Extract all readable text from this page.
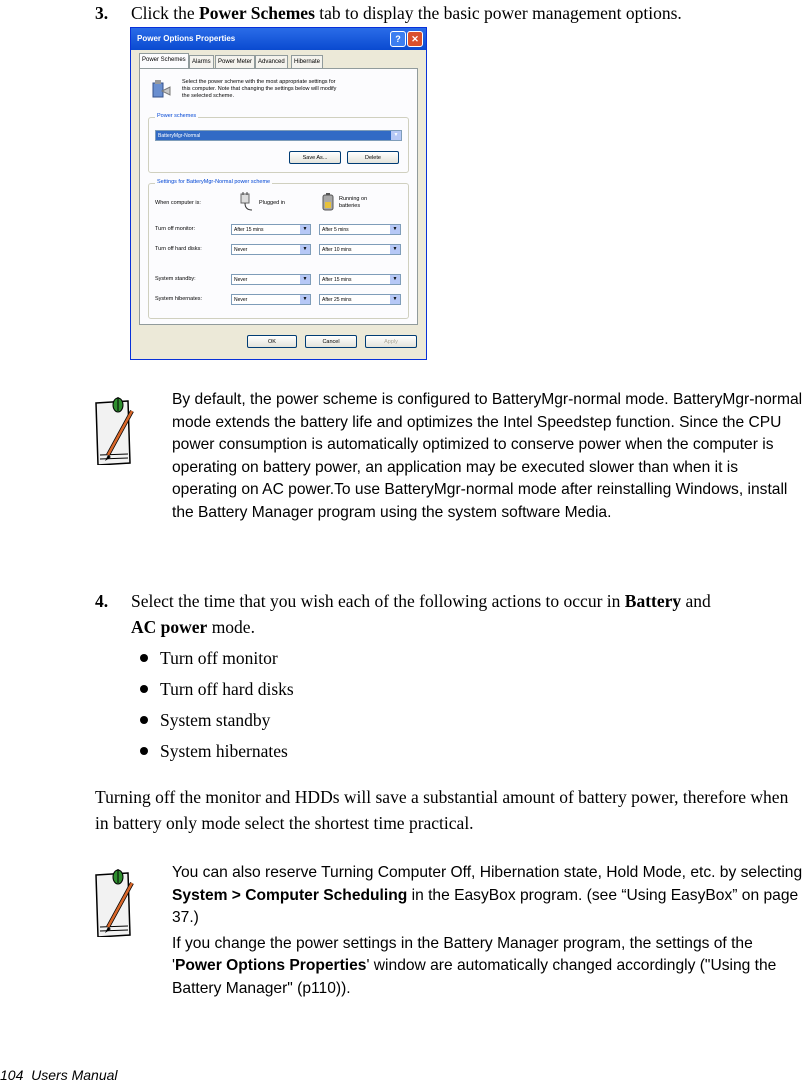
3. Click the Power Schemes tab to display the basic power management options.
Power Options Properties	?	✕
Power Schemes	Alarms	Power Meter Advanced	Hibernate
Select the power scheme with the most appropriate settings for
this computer. Note that changing the settings below will modify
the selected scheme.
Power schemes
BatteryMgr-Normal	▼
Save As...	Delete
Settings for BatteryMgr-Normal power scheme
When computer is:	Plugged in
Running on
batteries
Turn off monitor:	After 15 mins	▼	After 5 mins	▼
Turn off hard disks:	Never	▼	After 10 mins	▼
System standby:	Never	▼	After 15 mins	▼
System hibernates:	Never	▼	After 25 mins	▼
OK	Cancel	Apply

By default, the power scheme is configured to BatteryMgr-normal mode. BatteryMgr-normal mode extends the battery life and optimizes the Intel Speedstep function. Since the CPU power consumption is automatically optimized to conserve power when the computer is operating on battery power, an application may be executed slower than when it is operating on AC power.To use BatteryMgr-normal mode after reinstalling Windows, install the Battery Manager program using the system software Media.

4. Select the time that you wish each of the following actions to occur in Battery and
AC power mode.
Turn off monitor
Turn off hard disks
System standby
System hibernates
Turning off the monitor and HDDs will save a substantial amount of battery power, therefore when in battery only mode select the shortest time practical.

You can also reserve Turning Computer Off, Hibernation state, Hold Mode, etc. by selecting System > Computer Scheduling in the EasyBox program. (see “Using EasyBox” on page 37.)

If you change the power settings in the Battery Manager program, the settings of the 'Power Options Properties' window are automatically changed accordingly ("Using the Battery Manager" (p110)).

104  Users Manual
